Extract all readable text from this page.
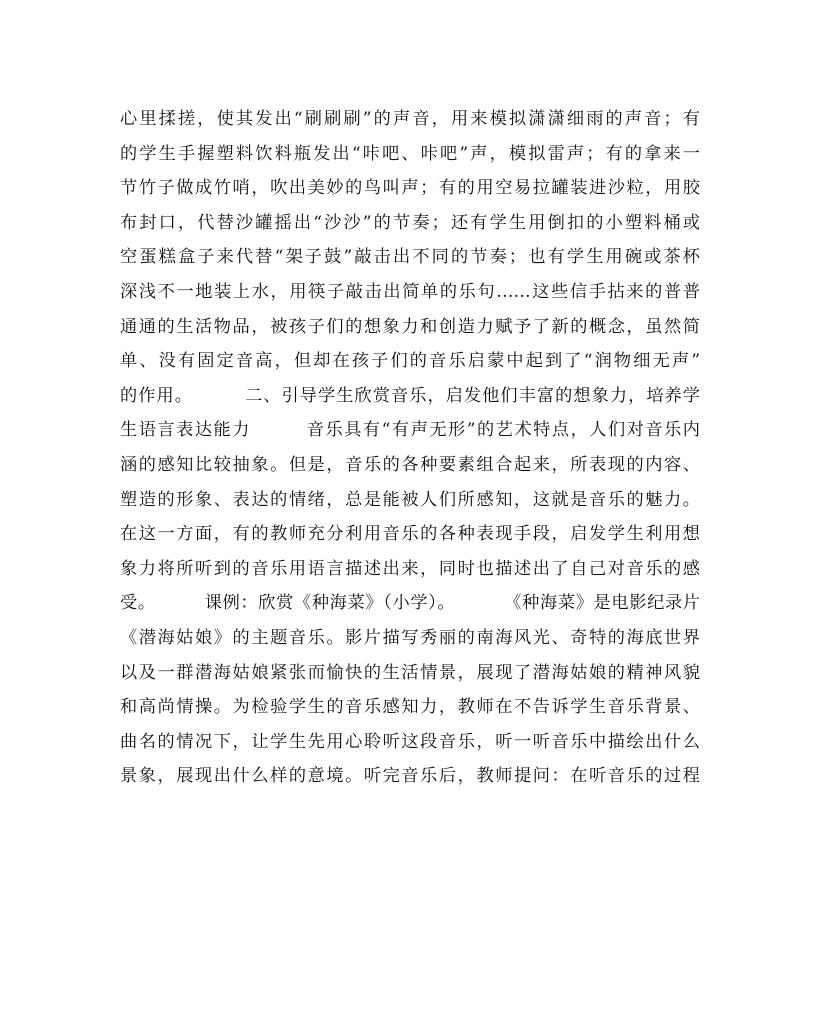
心里揉搓，使其发出“刷刷刷”的声音，用来模拟潇潇细雨的声音；有
的学生手握塑料饮料瓶发出“咔吧、咔吧”声，模拟雷声；有的拿来一
节竹子做成竹哨，吹出美妙的鸟叫声；有的用空易拉罐装进沙粒，用胶
布封口，代替沙罐摇出“沙沙”的节奏；还有学生用倒扣的小塑料桶或
空蛋糕盒子来代替“架子鼓”敲击出不同的节奏；也有学生用碗或茶杯
深浅不一地装上水，用筷子敲击出简单的乐句……这些信手拈来的普普
通通的生活物品，被孩子们的想象力和创造力赋予了新的概念，虽然简
单、没有固定音高，但却在孩子们的音乐启蒙中起到了“润物细无声”
的作用。        二、引导学生欣赏音乐，启发他们丰富的想象力，培养学
生语言表达能力        音乐具有“有声无形”的艺术特点，人们对音乐内
涵的感知比较抽象。但是，音乐的各种要素组合起来，所表现的内容、
塑造的形象、表达的情绪，总是能被人们所感知，这就是音乐的魅力。
在这一方面，有的教师充分利用音乐的各种表现手段，启发学生利用想
象力将所听到的音乐用语言描述出来，同时也描述出了自己对音乐的感
受。        课例：欣赏《种海菜》（小学）。        《种海菜》是电影纪录片
《潜海姑娘》的主题音乐。影片描写秀丽的南海风光、奇特的海底世界
以及一群潜海姑娘紧张而愉快的生活情景，展现了潜海姑娘的精神风貌
和高尚情操。为检验学生的音乐感知力，教师在不告诉学生音乐背景、
曲名的情况下，让学生先用心聆听这段音乐，听一听音乐中描绘出什么
景象，展现出什么样的意境。听完音乐后，教师提问：在听音乐的过程
